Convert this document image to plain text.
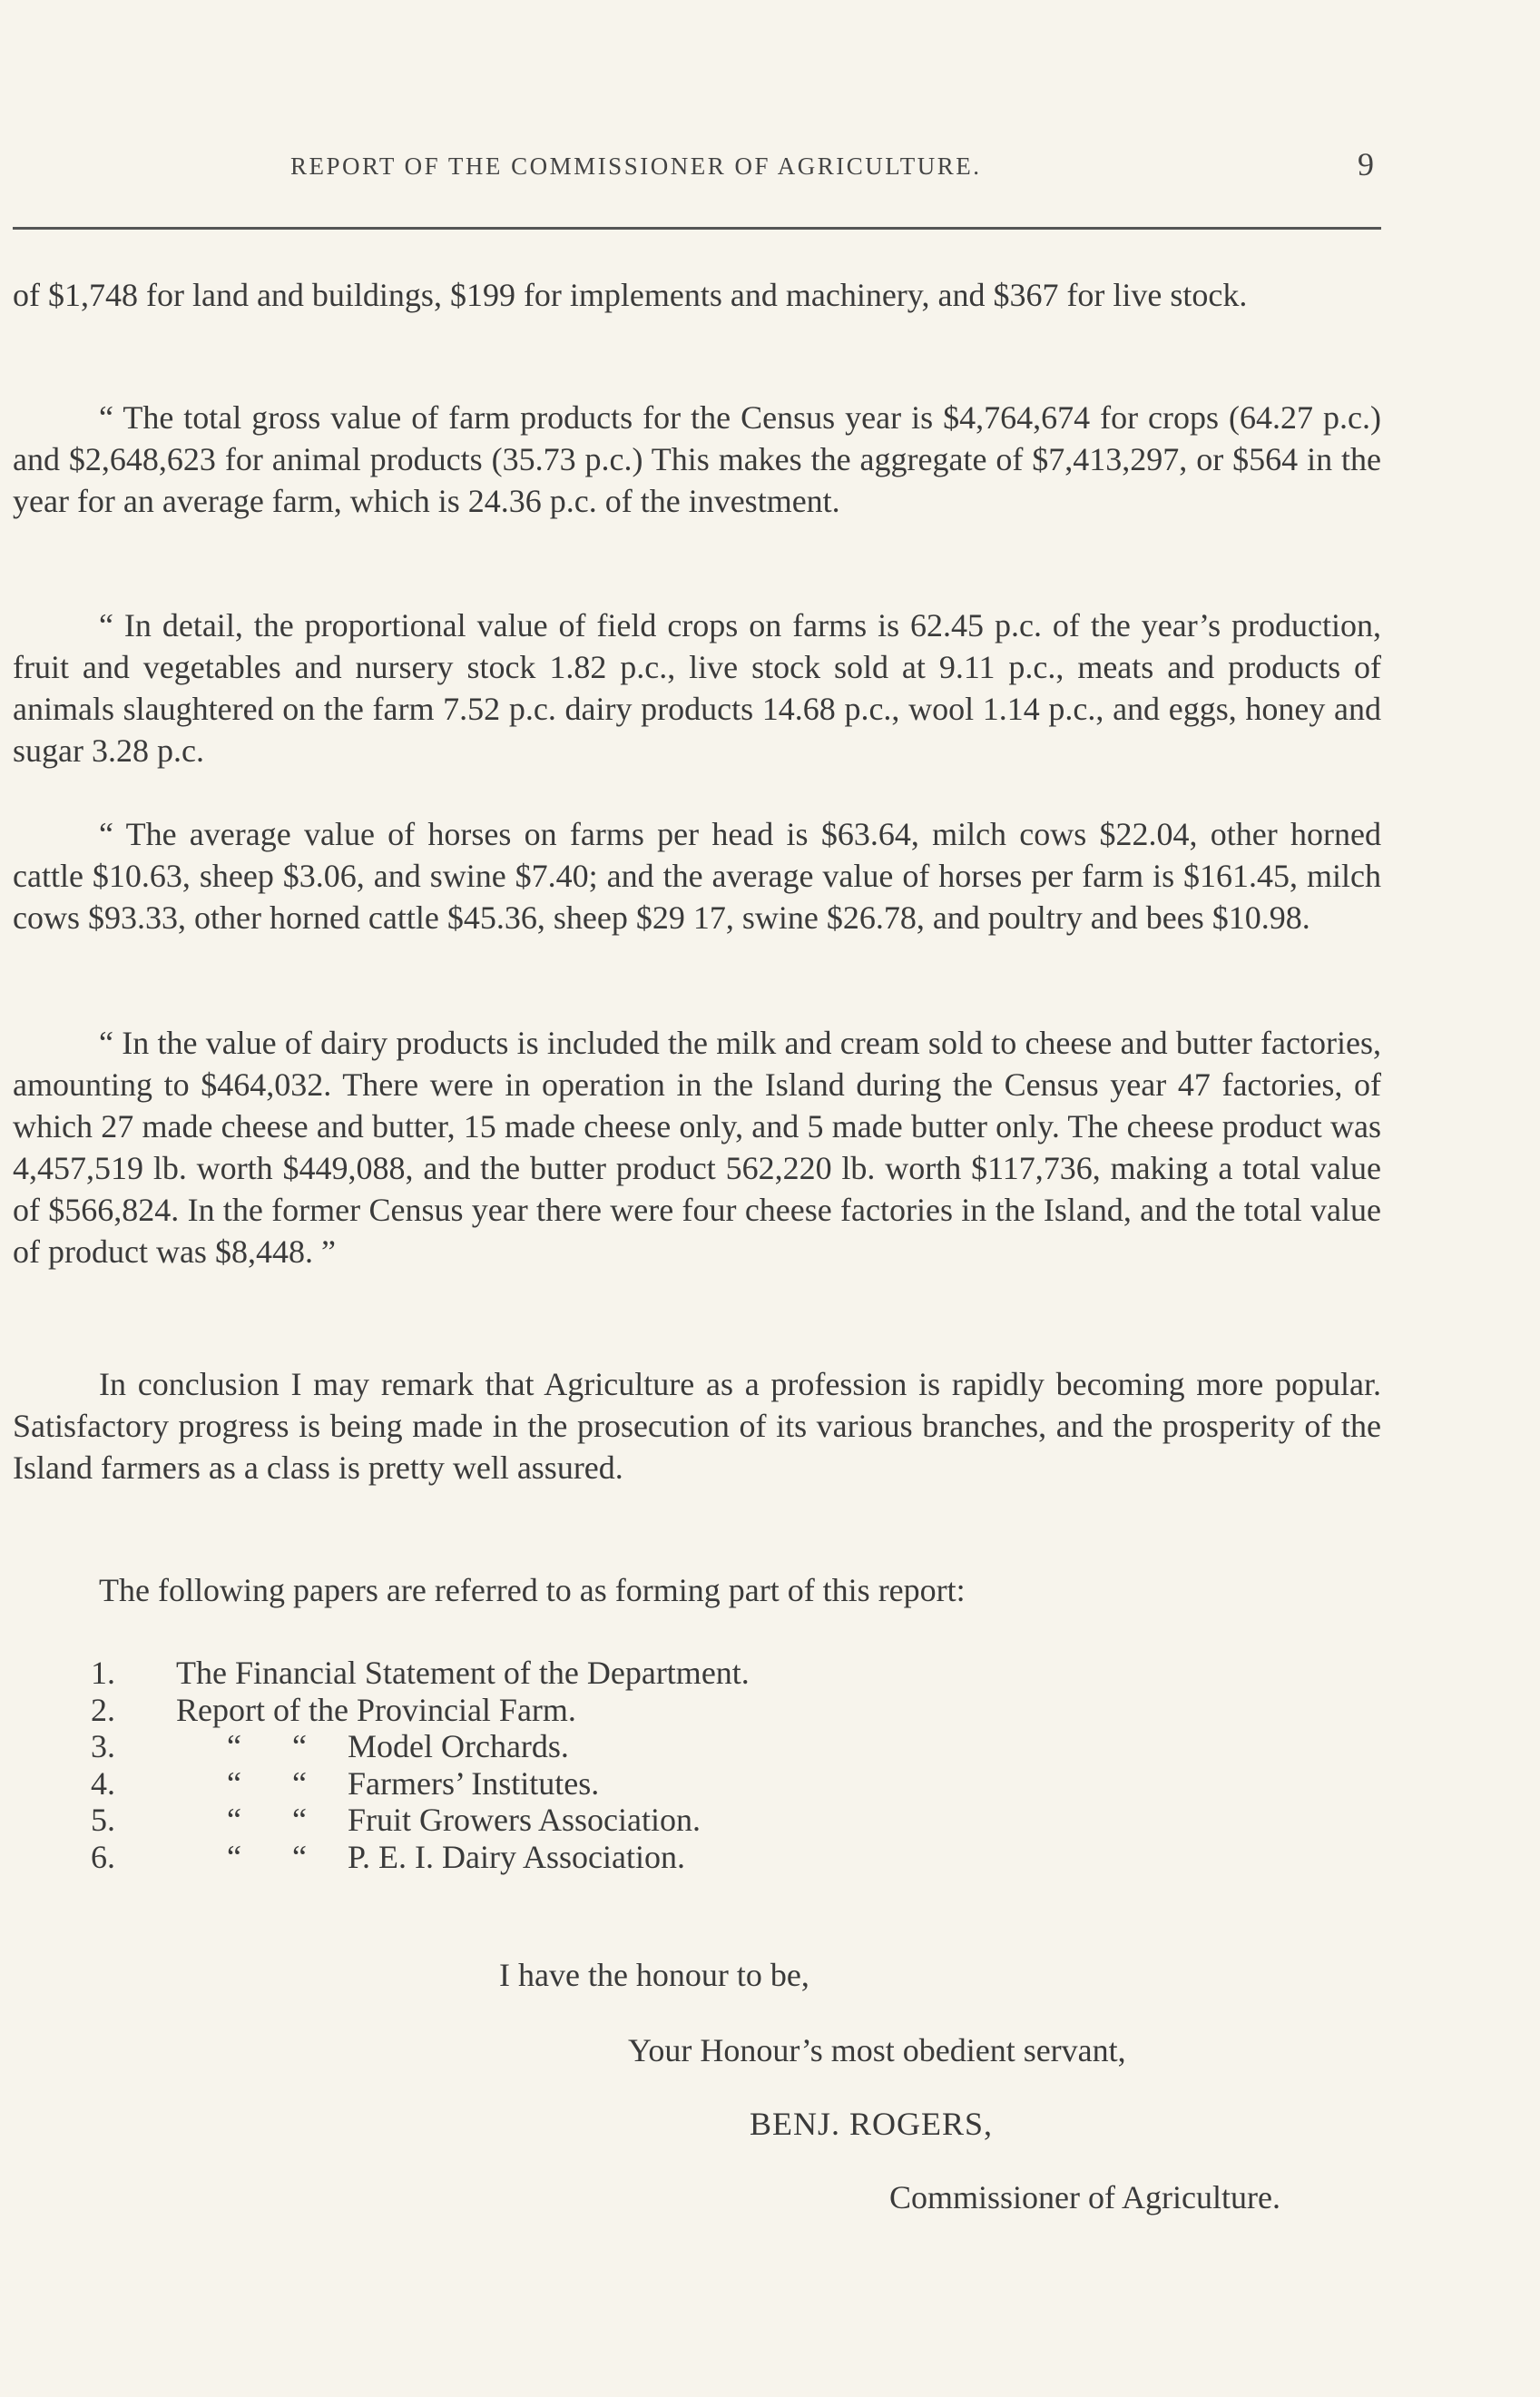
REPORT OF THE COMMISSIONER OF AGRICULTURE.	9

of $1,748 for land and buildings, $199 for implements and machinery, and $367 for live stock.

“ The total gross value of farm products for the Census year is $4,764,674 for crops (64.27 p.c.) and $2,648,623 for animal products (35.73 p.c.) This makes the aggregate of $7,413,297, or $564 in the year for an average farm, which is 24.36 p.c. of the investment.

“ In detail, the proportional value of field crops on farms is 62.45 p.c. of the year’s production, fruit and vegetables and nursery stock 1.82 p.c., live stock sold at 9.11 p.c., meats and products of animals slaughtered on the farm 7.52 p.c. dairy products 14.68 p.c., wool 1.14 p.c., and eggs, honey and sugar 3.28 p.c.

“ The average value of horses on farms per head is $63.64, milch cows $22.04, other horned cattle $10.63, sheep $3.06, and swine $7.40; and the average value of horses per farm is $161.45, milch cows $93.33, other horned cattle $45.36, sheep $29 17, swine $26.78, and poultry and bees $10.98.

“ In the value of dairy products is included the milk and cream sold to cheese and butter factories, amounting to $464,032. There were in operation in the Island during the Census year 47 factories, of which 27 made cheese and butter, 15 made cheese only, and 5 made butter only. The cheese product was 4,457,519 lb. worth $449,088, and the butter product 562,220 lb. worth $117,736, making a total value of $566,824. In the former Census year there were four cheese factories in the Island, and the total value of product was $8,448. ”

In conclusion I may remark that Agriculture as a profession is rapidly becoming more popular. Satisfactory progress is being made in the prosecution of its various branches, and the prosperity of the Island farmers as a class is pretty well assured.

The following papers are referred to as forming part of this report:

1.	The Financial Statement of the Department.
2.	Report of the Provincial Farm.
3.	“	“	Model Orchards.
4.	“	“	Farmers’ Institutes.
5.	“	“	Fruit Growers Association.
6.	“	“	P. E. I. Dairy Association.
I have the honour to be,
Your Honour’s most obedient servant,
BENJ. ROGERS,
Commissioner of Agriculture.
